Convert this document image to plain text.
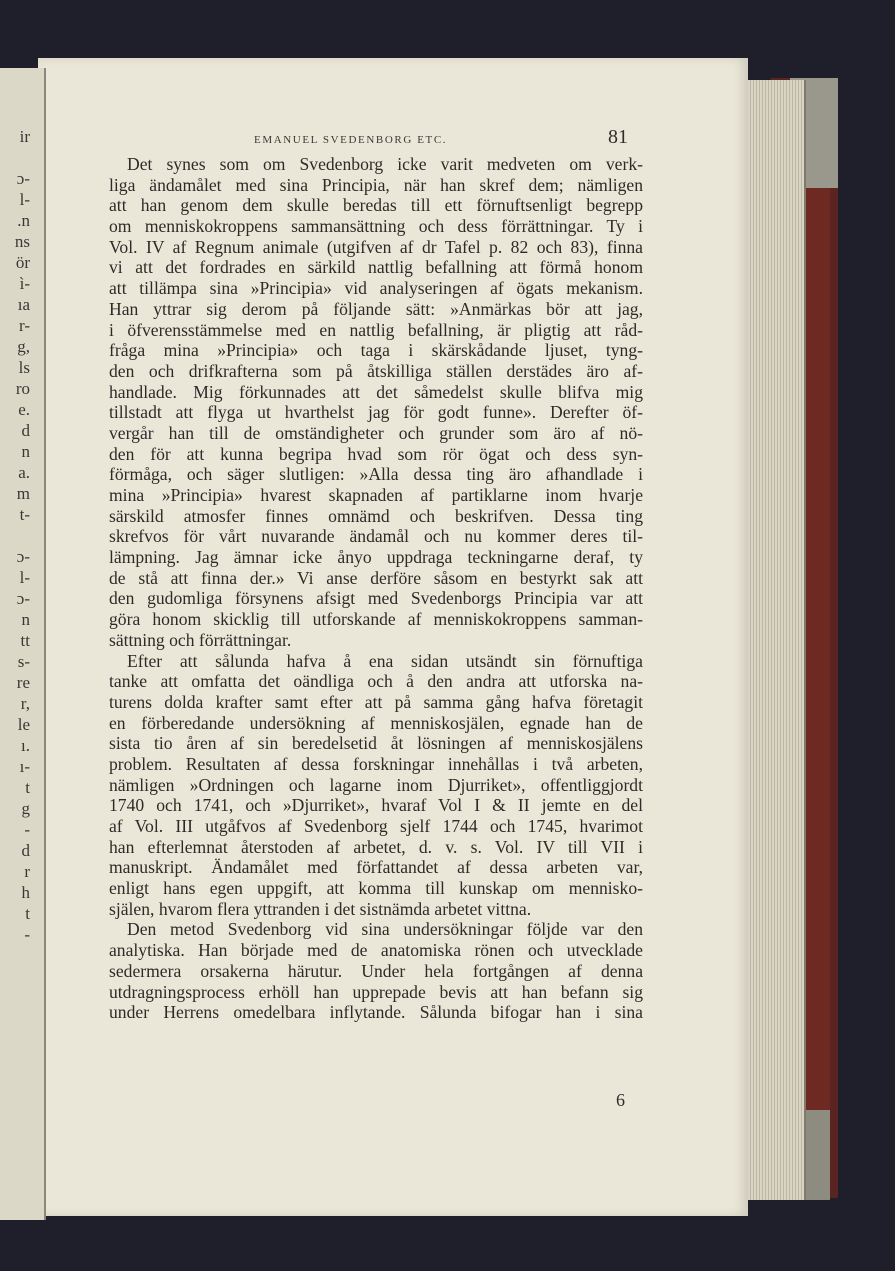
EMANUEL SVEDENBORG ETC.	81
Det synes som om Svedenborg icke varit medveten om verk-
liga ändamålet med sina Principia, när han skref dem; nämligen
att han genom dem skulle beredas till ett förnuftsenligt begrepp
om menniskokroppens sammansättning och dess förrättningar. Ty i
Vol. IV af Regnum animale (utgifven af dr Tafel p. 82 och 83), finna
vi att det fordrades en särkild nattlig befallning att förmå honom
att tillämpa sina »Principia» vid analyseringen af ögats mekanism.
Han yttrar sig derom på följande sätt: »Anmärkas bör att jag,
i öfverensstämmelse med en nattlig befallning, är pligtig att råd-
fråga mina »Principia» och taga i skärskådande ljuset, tyng-
den och drifkrafterna som på åtskilliga ställen derstädes äro af-
handlade. Mig förkunnades att det såmedelst skulle blifva mig
tillstadt att flyga ut hvarthelst jag för godt funne». Derefter öf-
vergår han till de omständigheter och grunder som äro af nö-
den för att kunna begripa hvad som rör ögat och dess syn-
förmåga, och säger slutligen: »Alla dessa ting äro afhandlade i
mina »Principia» hvarest skapnaden af partiklarne inom hvarje
särskild atmosfer finnes omnämd och beskrifven. Dessa ting
skrefvos för vårt nuvarande ändamål och nu kommer deres til-
lämpning. Jag ämnar icke ånyo uppdraga teckningarne deraf, ty
de stå att finna der.» Vi anse derföre såsom en bestyrkt sak att
den gudomliga försynens afsigt med Svedenborgs Principia var att
göra honom skicklig till utforskande af menniskokroppens samman-
sättning och förrättningar.
Efter att sålunda hafva å ena sidan utsändt sin förnuftiga
tanke att omfatta det oändliga och å den andra att utforska na-
turens dolda krafter samt efter att på samma gång hafva företagit
en förberedande undersökning af menniskosjälen, egnade han de
sista tio åren af sin beredelsetid åt lösningen af menniskosjälens
problem. Resultaten af dessa forskningar innehållas i två arbeten,
nämligen »Ordningen och lagarne inom Djurriket», offentliggjordt
1740 och 1741, och »Djurriket», hvaraf Vol I & II jemte en del
af Vol. III utgåfvos af Svedenborg sjelf 1744 och 1745, hvarimot
han efterlemnat återstoden af arbetet, d. v. s. Vol. IV till VII i
manuskript. Ändamålet med författandet af dessa arbeten var,
enligt hans egen uppgift, att komma till kunskap om mennisko-
själen, hvarom flera yttranden i det sistnämda arbetet vittna.
Den metod Svedenborg vid sina undersökningar följde var den
analytiska. Han började med de anatomiska rönen och utvecklade
sedermera orsakerna härutur. Under hela fortgången af denna
utdragningsprocess erhöll han upprepade bevis att han befann sig
under Herrens omedelbara inflytande. Sålunda bifogar han i sina
6
ir
ɔ-
l-
.n
ns
ör
ì-
ıa
r-
g,
ls
ro
e.
d
n
a.
m
t-
ɔ-
l-
ɔ-
n
tt
s-
re
r,
le
ı.
ı-
t
g
-
d
r
h
t
-
